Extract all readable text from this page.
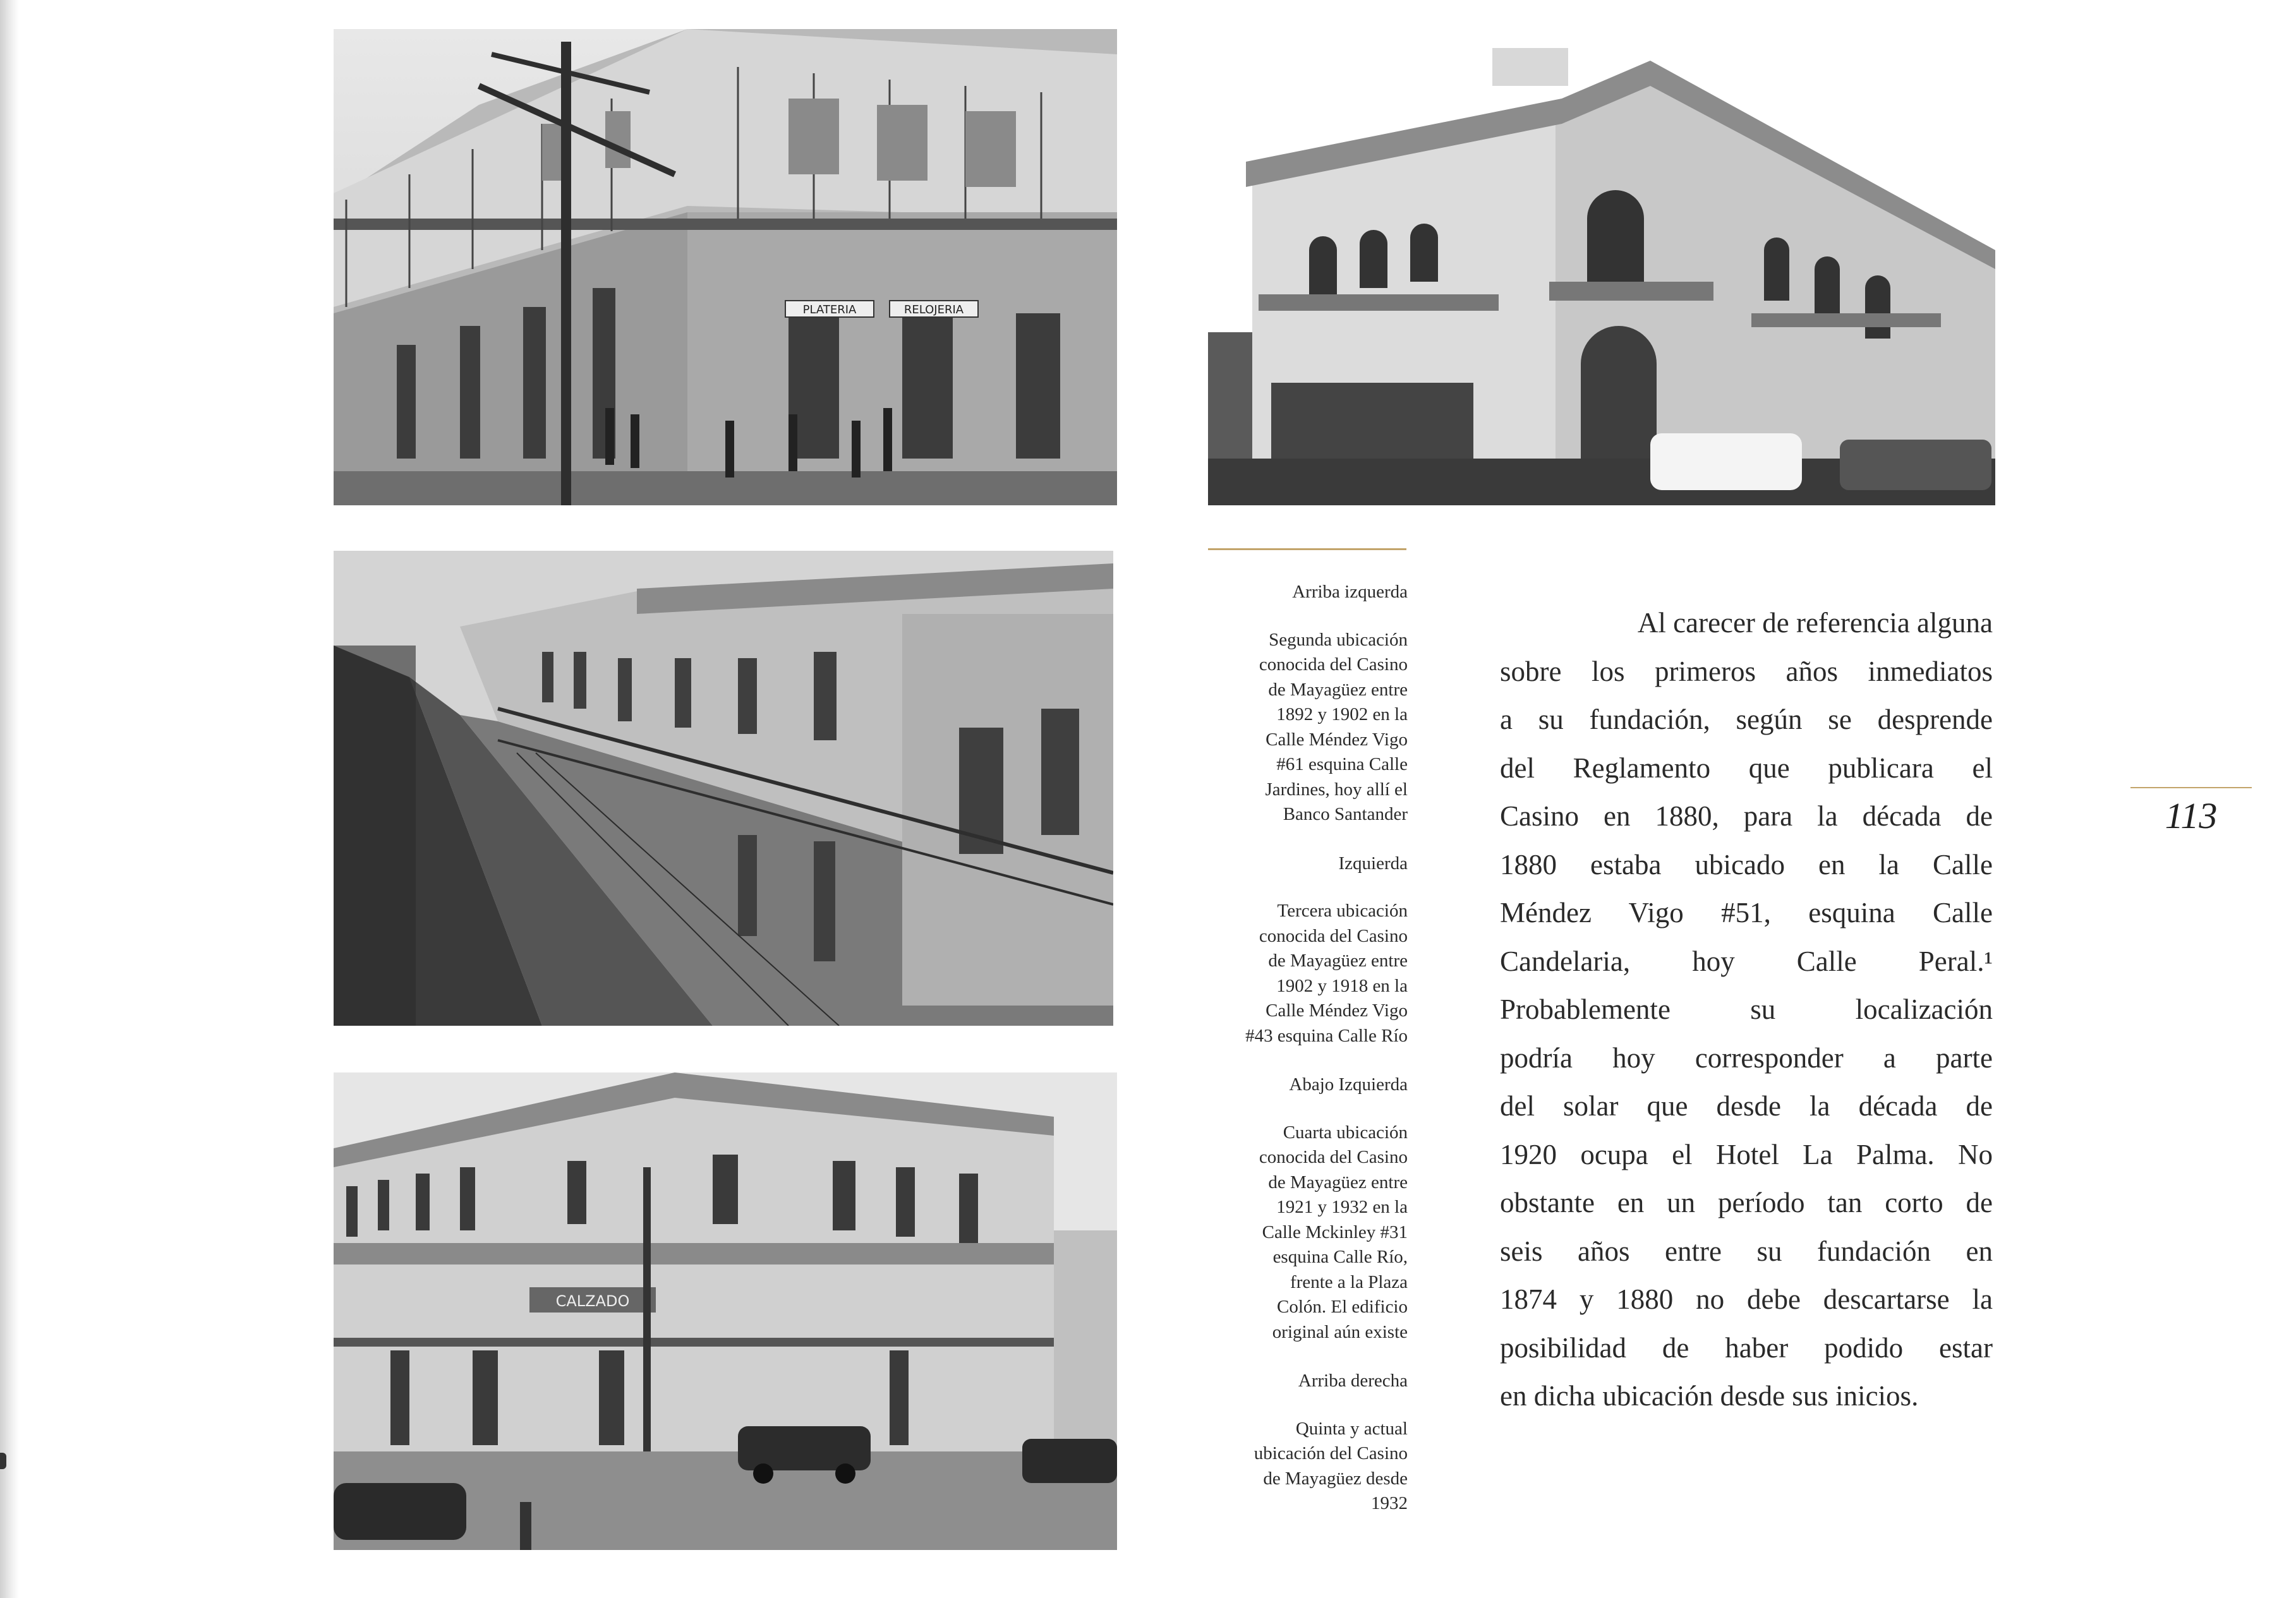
PLATERIA	RELOJERIA
CALZADO
Arriba izquerda
Segunda ubicación
conocida del Casino
de Mayagüez entre
1892 y 1902 en la
Calle Méndez Vigo
#61 esquina Calle
Jardines, hoy allí el
Banco Santander
Izquierda
Tercera ubicación
conocida del Casino
de Mayagüez entre
1902 y 1918 en la
Calle Méndez Vigo
#43 esquina Calle Río
Abajo Izquierda
Cuarta ubicación
conocida del Casino
de Mayagüez entre
1921 y 1932 en la
Calle Mckinley #31
esquina Calle Río,
frente a la Plaza
Colón. El edificio
original aún existe
Arriba derecha
Quinta y actual
ubicación del Casino
de Mayagüez desde
1932
Al carecer de referencia alguna
sobre los primeros años inmediatos
a su fundación, según se desprende
del Reglamento que publicara el
Casino en 1880, para la década de
1880 estaba ubicado en la Calle
Méndez Vigo #51, esquina Calle
Candelaria, hoy Calle Peral.¹
Probablemente su localización
podría hoy corresponder a parte
del solar que desde la década de
1920 ocupa el Hotel La Palma. No
obstante en un período tan corto de
seis años entre su fundación en
1874 y 1880 no debe descartarse la
posibilidad de haber podido estar
en dicha ubicación desde sus inicios.
113
